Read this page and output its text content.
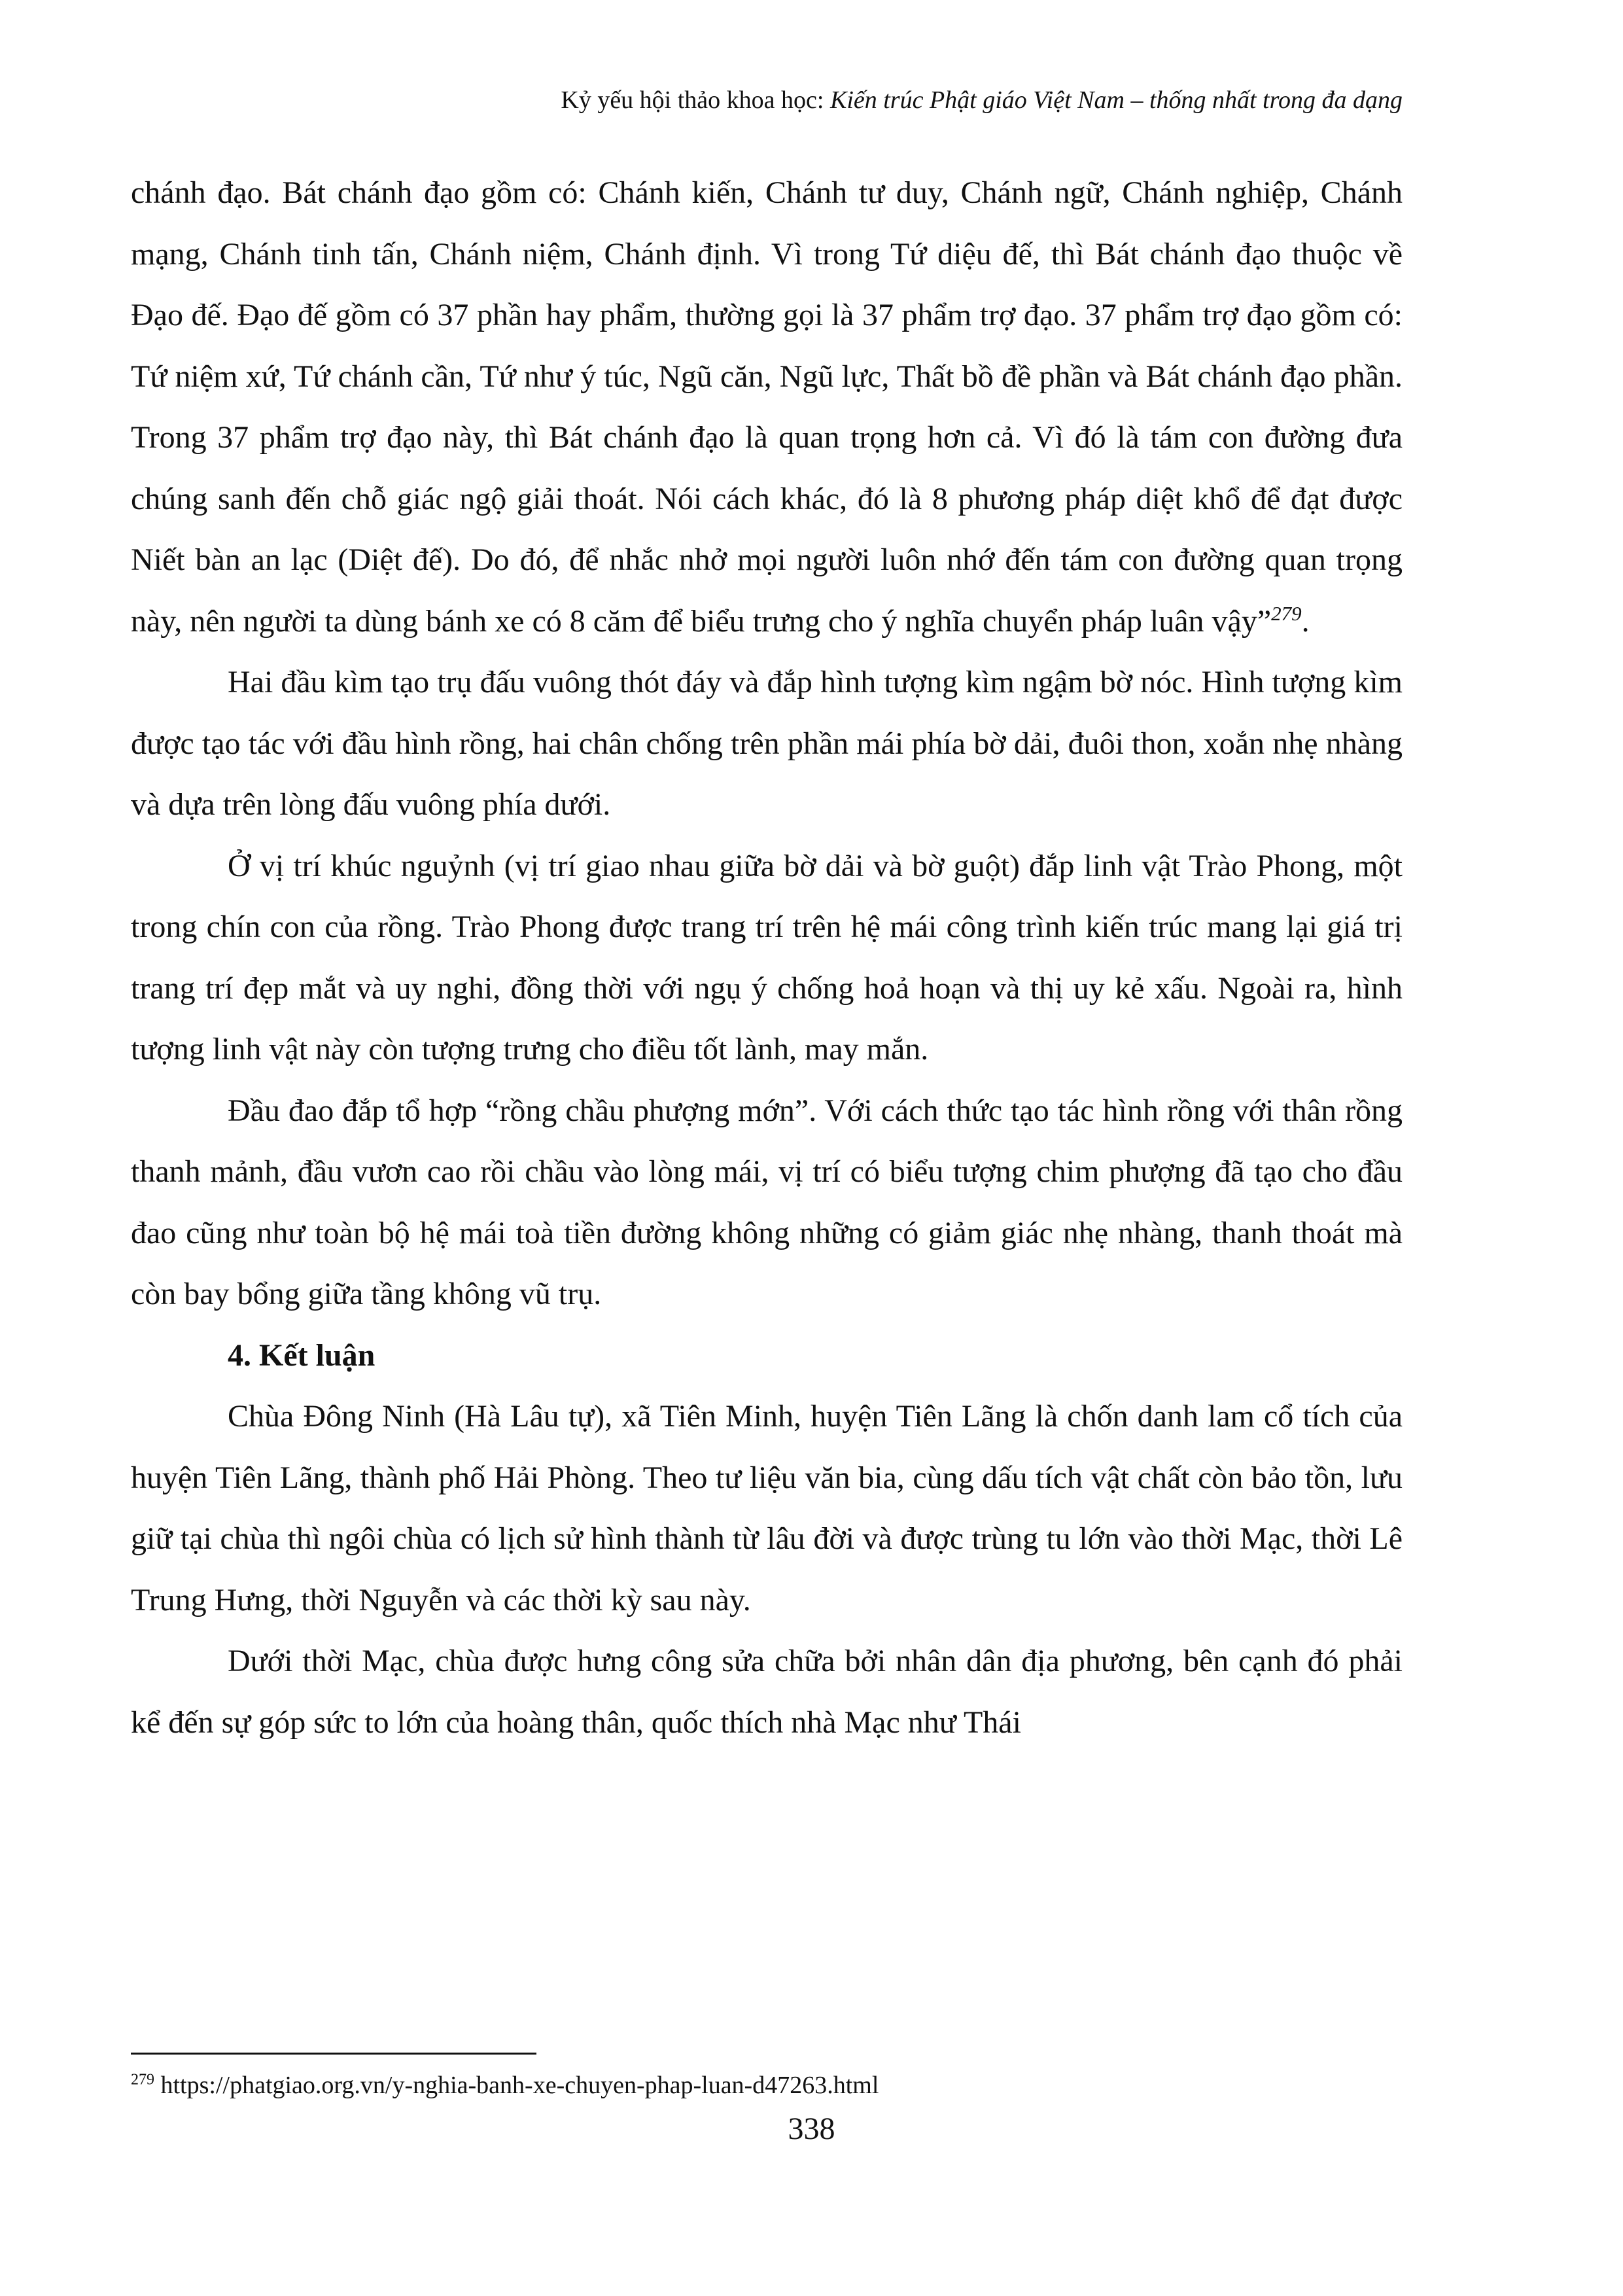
Kỷ yếu hội thảo khoa học: Kiến trúc Phật giáo Việt Nam – thống nhất trong đa dạng

chánh đạo. Bát chánh đạo gồm có: Chánh kiến, Chánh tư duy, Chánh ngữ, Chánh nghiệp, Chánh mạng, Chánh tinh tấn, Chánh niệm, Chánh định. Vì trong Tứ diệu đế, thì Bát chánh đạo thuộc về Đạo đế. Đạo đế gồm có 37 phần hay phẩm, thường gọi là 37 phẩm trợ đạo. 37 phẩm trợ đạo gồm có: Tứ niệm xứ, Tứ chánh cần, Tứ như ý túc, Ngũ căn, Ngũ lực, Thất bồ đề phần và Bát chánh đạo phần. Trong 37 phẩm trợ đạo này, thì Bát chánh đạo là quan trọng hơn cả. Vì đó là tám con đường đưa chúng sanh đến chỗ giác ngộ giải thoát. Nói cách khác, đó là 8 phương pháp diệt khổ để đạt được Niết bàn an lạc (Diệt đế). Do đó, để nhắc nhở mọi người luôn nhớ đến tám con đường quan trọng này, nên người ta dùng bánh xe có 8 căm để biểu trưng cho ý nghĩa chuyển pháp luân vậy”$^{279}$.

Hai đầu kìm tạo trụ đấu vuông thót đáy và đắp hình tượng kìm ngậm bờ nóc. Hình tượng kìm được tạo tác với đầu hình rồng, hai chân chống trên phần mái phía bờ dải, đuôi thon, xoắn nhẹ nhàng và dựa trên lòng đấu vuông phía dưới.

Ở vị trí khúc nguỷnh (vị trí giao nhau giữa bờ dải và bờ guột) đắp linh vật Trào Phong, một trong chín con của rồng. Trào Phong được trang trí trên hệ mái công trình kiến trúc mang lại giá trị trang trí đẹp mắt và uy nghi, đồng thời với ngụ ý chống hoả hoạn và thị uy kẻ xấu. Ngoài ra, hình tượng linh vật này còn tượng trưng cho điều tốt lành, may mắn.

Đầu đao đắp tổ hợp “rồng chầu phượng mớn”. Với cách thức tạo tác hình rồng với thân rồng thanh mảnh, đầu vươn cao rồi chầu vào lòng mái, vị trí có biểu tượng chim phượng đã tạo cho đầu đao cũng như toàn bộ hệ mái toà tiền đường không những có giảm giác nhẹ nhàng, thanh thoát mà còn bay bổng giữa tầng không vũ trụ.

4. Kết luận

Chùa Đông Ninh (Hà Lâu tự), xã Tiên Minh, huyện Tiên Lãng là chốn danh lam cổ tích của huyện Tiên Lãng, thành phố Hải Phòng. Theo tư liệu văn bia, cùng dấu tích vật chất còn bảo tồn, lưu giữ tại chùa thì ngôi chùa có lịch sử hình thành từ lâu đời và được trùng tu lớn vào thời Mạc, thời Lê Trung Hưng, thời Nguyễn và các thời kỳ sau này.

Dưới thời Mạc, chùa được hưng công sửa chữa bởi nhân dân địa phương, bên cạnh đó phải kể đến sự góp sức to lớn của hoàng thân, quốc thích nhà Mạc như Thái

$^{279}$ https://phatgiao.org.vn/y-nghia-banh-xe-chuyen-phap-luan-d47263.html
338
